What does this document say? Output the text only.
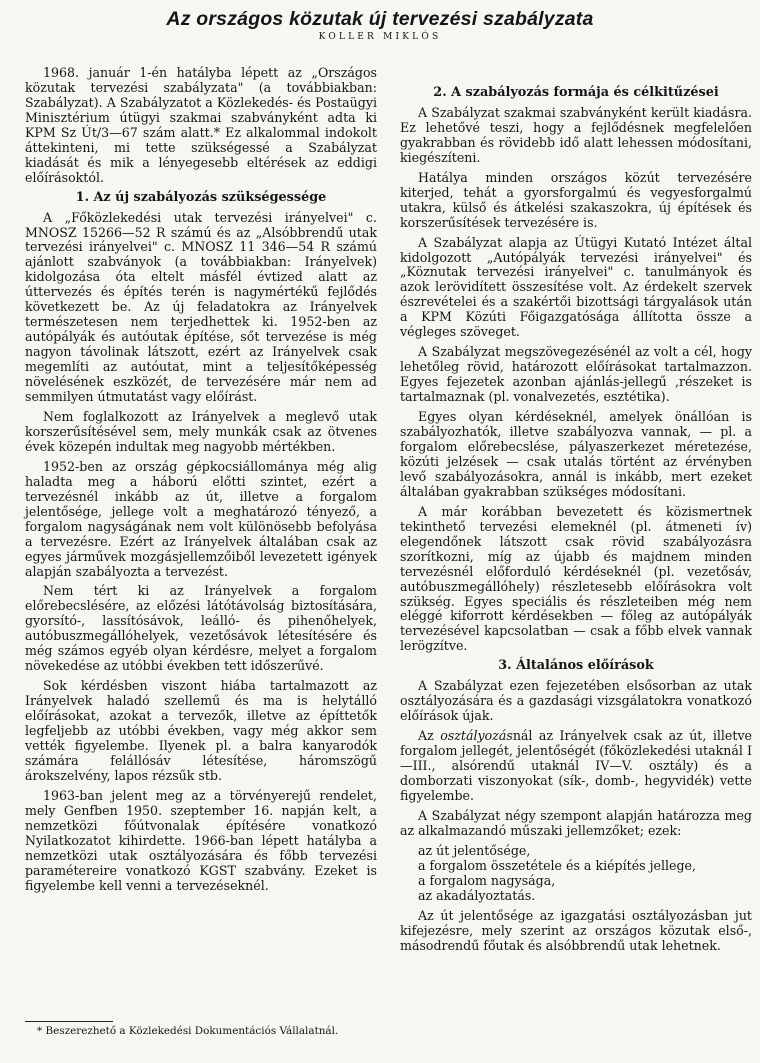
Az országos közutak új tervezési szabályzata
KOLLER MIKLÓS

1968. január 1-én hatályba lépett az „Országos közutak tervezési szabályzata" (a továbbiakban: Szabályzat). A Szabályzatot a Közlekedés- és Postaügyi Minisztérium útügyi szakmai szabványként adta ki KPM Sz Út/3—67 szám alatt.* Ez alkalommal indokolt áttekinteni, mi tette szükségessé a Szabályzat kiadását és mik a lényegesebb eltérések az eddigi előírásoktól.

1. Az új szabályozás szükségessége

A „Főközlekedési utak tervezési irányelvei" c. MNOSZ 15266—52 R számú és az „Alsóbbrendű utak tervezési irányelvei" c. MNOSZ 11 346—54 R számú ajánlott szabványok (a továbbiakban: Irányelvek) kidolgozása óta eltelt másfél évtized alatt az úttervezés és építés terén is nagymértékű fejlődés következett be. Az új feladatokra az Irányelvek természetesen nem terjedhettek ki. 1952-ben az autópályák és autóutak építése, sőt tervezése is még nagyon távolinak látszott, ezért az Irányelvek csak megemlíti az autóutat, mint a teljesítőképesség növelésének eszközét, de tervezésére már nem ad semmilyen útmutatást vagy előírást.

Nem foglalkozott az Irányelvek a meglevő utak korszerűsítésével sem, mely munkák csak az ötvenes évek közepén indultak meg nagyobb mértékben.

1952-ben az ország gépkocsiállománya még alig haladta meg a háború előtti szintet, ezért a tervezésnél inkább az út, illetve a forgalom jelentősége, jellege volt a meghatározó tényező, a forgalom nagyságának nem volt különösebb befolyása a tervezésre. Ezért az Irányelvek általában csak az egyes járművek mozgásjellemzőiből levezetett igények alapján szabályozta a tervezést.

Nem tért ki az Irányelvek a forgalom előrebecslésére, az előzési látótávolság biztosítására, gyorsító-, lassítósávok, leálló- és pihenőhelyek, autóbuszmegállóhelyek, vezetősávok létesítésére és még számos egyéb olyan kérdésre, melyet a forgalom növekedése az utóbbi években tett időszerűvé.

Sok kérdésben viszont hiába tartalmazott az Irányelvek haladó szellemű és ma is helytálló előírásokat, azokat a tervezők, illetve az építtetők legfeljebb az utóbbi években, vagy még akkor sem vették figyelembe. Ilyenek pl. a balra kanyarodók számára felállósáv létesítése, háromszögű árokszelvény, lapos rézsűk stb.

1963-ban jelent meg az a törvényerejű rendelet, mely Genfben 1950. szeptember 16. napján kelt, a nemzetközi főútvonalak építésére vonatkozó Nyilatkozatot kihirdette. 1966-ban lépett hatályba a nemzetközi utak osztályozására és főbb tervezési paramétereire vonatkozó KGST szabvány. Ezeket is figyelembe kell venni a tervezéseknél.

* Beszerezhető a Közlekedési Dokumentációs Vállalatnál.
2. A szabályozás formája és célkitűzései

A Szabályzat szakmai szabványként került kiadásra. Ez lehetővé teszi, hogy a fejlődésnek megfelelően gyakrabban és rövidebb idő alatt lehessen módosítani, kiegészíteni.

Hatálya minden országos közút tervezésére kiterjed, tehát a gyorsforgalmú és vegyesforgalmú utakra, külső és átkelési szakaszokra, új építések és korszerűsítések tervezésére is.

A Szabályzat alapja az Útügyi Kutató Intézet által kidolgozott „Autópályák tervezési irányelvei" és „Köznutak tervezési irányelvei" c. tanulmányok és azok lerövidített összesítése volt. Az érdekelt szervek észrevételei és a szakértői bizottsági tárgyalások után a KPM Közúti Főigazgatósága állította össze a végleges szöveget.

A Szabályzat megszövegezésénél az volt a cél, hogy lehetőleg rövid, határozott előírásokat tartalmazzon. Egyes fejezetek azonban ajánlás-jellegű ,részeket is tartalmaznak (pl. vonalvezetés, esztétika).

Egyes olyan kérdéseknél, amelyek önállóan is szabályozhatók, illetve szabályozva vannak, — pl. a forgalom előrebecslése, pályaszerkezet méretezése, közúti jelzések — csak utalás történt az érvényben levő szabályozásokra, annál is inkább, mert ezeket általában gyakrabban szükséges módosítani.

A már korábban bevezetett és közismertnek tekinthető tervezési elemeknél (pl. átmeneti ív) elegendőnek látszott csak rövid szabályozásra szorítkozni, míg az újabb és majdnem minden tervezésnél előforduló kérdéseknél (pl. vezetősáv, autóbuszmegállóhely) részletesebb előírásokra volt szükség. Egyes speciális és részleteiben még nem eléggé kiforrott kérdésekben — főleg az autópályák tervezésével kapcsolatban — csak a főbb elvek vannak lerögzítve.

3. Általános előírások

A Szabályzat ezen fejezetében elsősorban az utak osztályozására és a gazdasági vizsgálatokra vonatkozó előírások újak.

Az osztályozásnál az Irányelvek csak az út, illetve forgalom jellegét, jelentőségét (főközlekedési utaknál I—III., alsórendű utaknál IV—V. osztály) és a domborzati viszonyokat (sík-, domb-, hegyvidék) vette figyelembe.

A Szabályzat négy szempont alapján határozza meg az alkalmazandó műszaki jellemzőket; ezek:

az út jelentősége,
a forgalom összetétele és a kiépítés jellege,
a forgalom nagysága,
az akadályoztatás.

Az út jelentősége az igazgatási osztályozásban jut kifejezésre, mely szerint az országos közutak első-, másodrendű főutak és alsóbbrendű utak lehetnek.
